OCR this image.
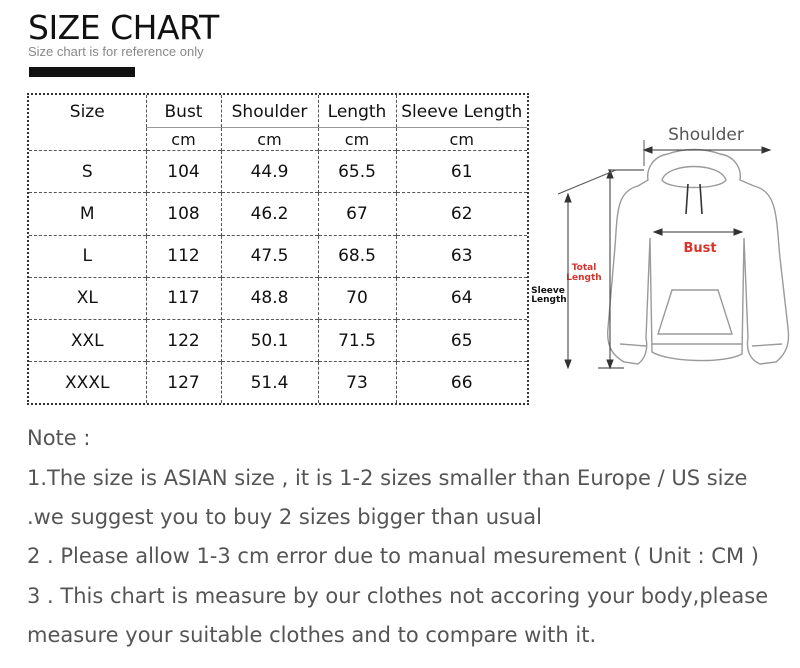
SIZE CHART
Size chart is for reference only
Size	Bust	Shoulder	Length	Sleeve Length
	cm	cm	cm	cm
S	104	44.9	65.5	61
M	108	46.2	67	62
L	112	47.5	68.5	63
XL	117	48.8	70	64
XXL	122	50.1	71.5	65
XXXL	127	51.4	73	66
Shoulder
Bust
Total
Length
Sleeve
Length
Note :
1.The size is ASIAN size , it is 1-2 sizes smaller than Europe / US size
.we suggest you to buy 2 sizes bigger than usual
2 . Please allow 1-3 cm error due to manual mesurement ( Unit : CM )
3 . This chart is measure by our clothes not accoring your body,please
measure your suitable clothes and to compare with it.
